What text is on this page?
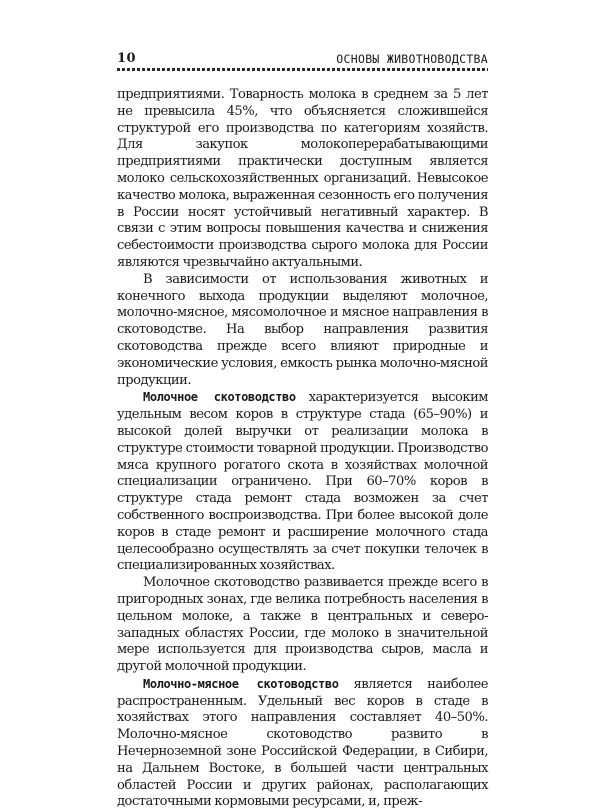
10	ОСНОВЫ ЖИВОТНОВОДСТВА

предприятиями. Товарность молока в среднем за 5 лет не превысила 45%, что объясняется сложившейся структурой его производства по категориям хозяйств. Для закупок молокоперерабатывающими предприятиями практически доступным является молоко сельскохозяйственных организаций. Невысокое качество молока, выраженная сезонность его получения в России носят устойчивый негативный характер. В связи с этим вопросы повышения качества и снижения себестоимости производства сырого молока для России являются чрезвычайно актуальными.

В зависимости от использования животных и конечного выхода продукции выделяют молочное, молочно-мясное, мясомолочное и мясное направления в скотоводстве. На выбор направления развития скотоводства прежде всего влияют природные и экономические условия, емкость рынка молочно-мясной продукции.

Молочное скотоводство характеризуется высоким удельным весом коров в структуре стада (65–90%) и высокой долей выручки от реализации молока в структуре стоимости товарной продукции. Производство мяса крупного рогатого скота в хозяйствах молочной специализации ограничено. При 60–70% коров в структуре стада ремонт стада возможен за счет собственного воспроизводства. При более высокой доле коров в стаде ремонт и расширение молочного стада целесообразно осуществлять за счет покупки телочек в специализированных хозяйствах.

Молочное скотоводство развивается прежде всего в пригородных зонах, где велика потребность населения в цельном молоке, а также в центральных и северо-западных областях России, где молоко в значительной мере используется для производства сыров, масла и другой молочной продукции.

Молочно-мясное скотоводство является наиболее распространенным. Удельный вес коров в стаде в хозяйствах этого направления составляет 40–50%. Молочно-мясное скотоводство развито в Нечерноземной зоне Российской Федерации, в Сибири, на Дальнем Востоке, в большей части центральных областей России и других районах, располагающих достаточными кормовыми ресурсами, и, преж-
